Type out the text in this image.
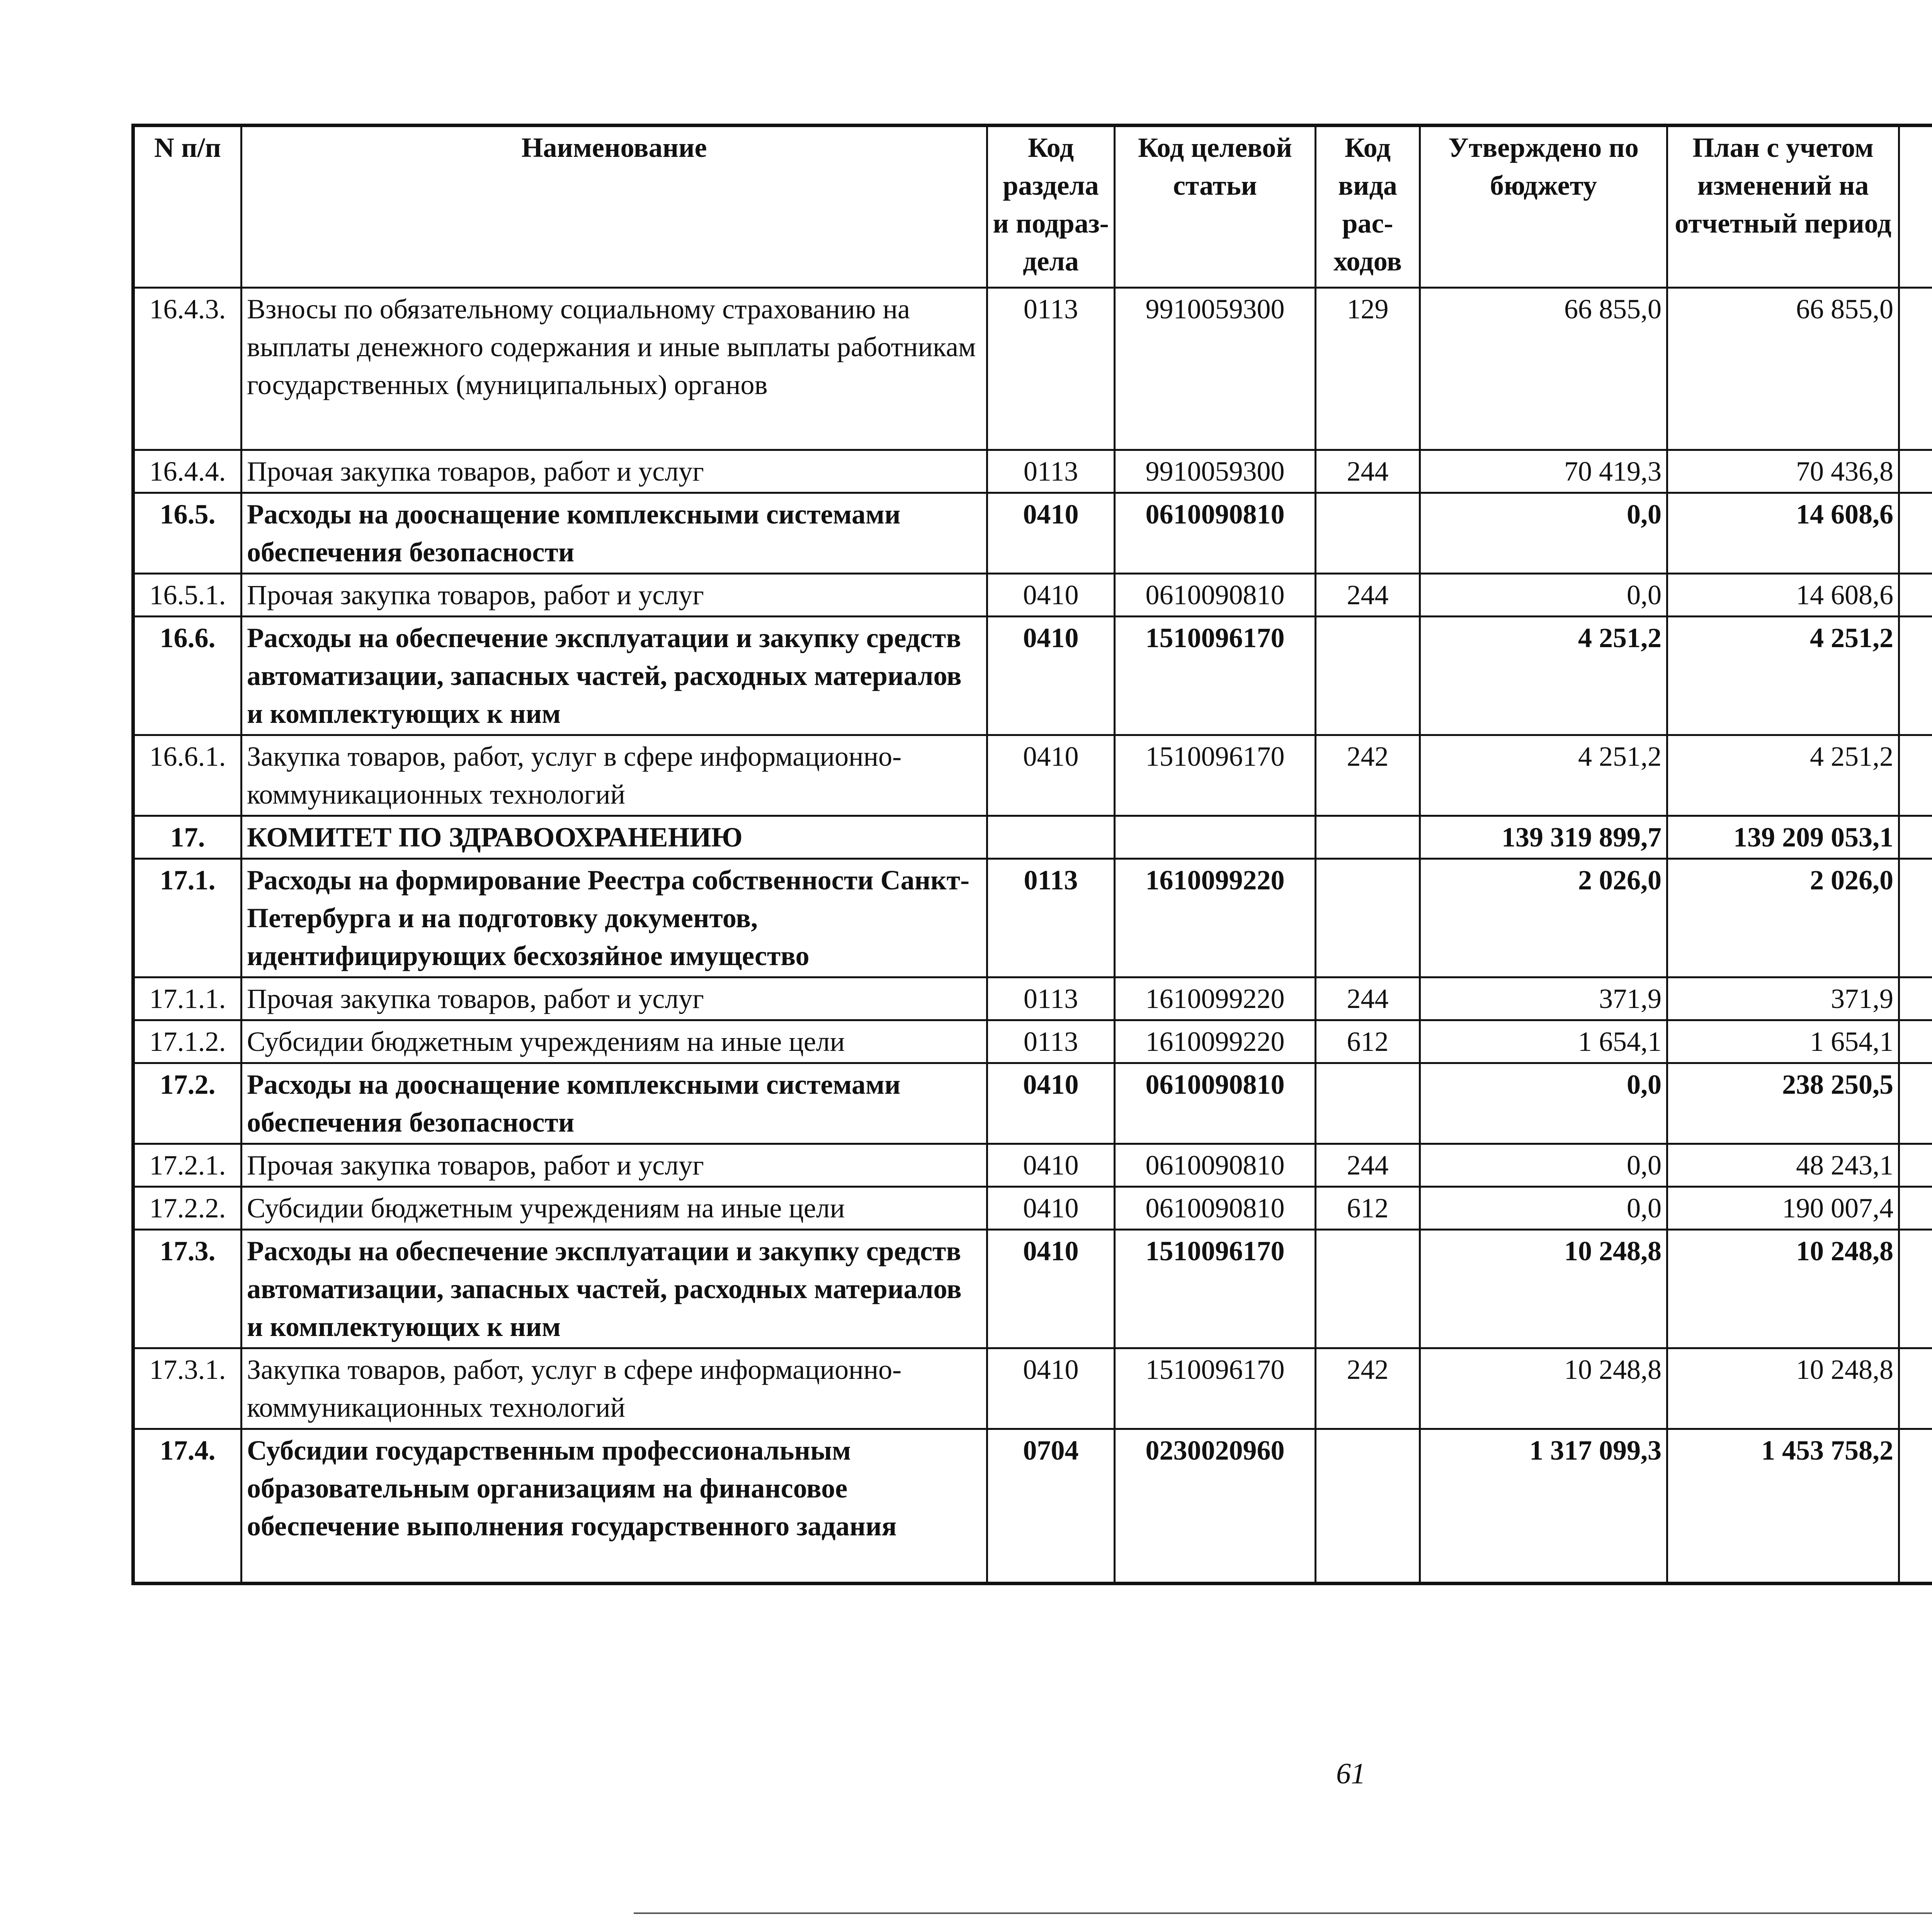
N п/п	Наименование	Код раздела и подраз-дела	Код целевой статьи	Код вида рас-ходов	Утверждено по бюджету	План с учетом изменений на отчетный период		

16.4.3.	Взносы по обязательному социальному страхованию на выплаты денежного содержания и иные выплаты работникам государственных (муниципальных) органов	0113	9910059300	129	66 855,0	66 855,0			
16.4.4.	Прочая закупка товаров, работ и услуг	0113	9910059300	244	70 419,3	70 436,8			
16.5.	Расходы на дооснащение комплексными системами обеспечения безопасности	0410	0610090810		0,0	14 608,6			
16.5.1.	Прочая закупка товаров, работ и услуг	0410	0610090810	244	0,0	14 608,6			
16.6.	Расходы на обеспечение эксплуатации и закупку средств автоматизации, запасных частей, расходных материалов и комплектующих к ним	0410	1510096170		4 251,2	4 251,2			
16.6.1.	Закупка товаров, работ, услуг в сфере информационно-коммуникационных технологий	0410	1510096170	242	4 251,2	4 251,2			
17.	КОМИТЕТ ПО ЗДРАВООХРАНЕНИЮ				139 319 899,7	139 209 053,1			
17.1.	Расходы на формирование Реестра собственности Санкт-Петербурга и на подготовку документов, идентифицирующих бесхозяйное имущество	0113	1610099220		2 026,0	2 026,0			
17.1.1.	Прочая закупка товаров, работ и услуг	0113	1610099220	244	371,9	371,9			
17.1.2.	Субсидии бюджетным учреждениям на иные цели	0113	1610099220	612	1 654,1	1 654,1			
17.2.	Расходы на дооснащение комплексными системами обеспечения безопасности	0410	0610090810		0,0	238 250,5			
17.2.1.	Прочая закупка товаров, работ и услуг	0410	0610090810	244	0,0	48 243,1			
17.2.2.	Субсидии бюджетным учреждениям на иные цели	0410	0610090810	612	0,0	190 007,4			
17.3.	Расходы на обеспечение эксплуатации и закупку средств автоматизации, запасных частей, расходных материалов и комплектующих к ним	0410	1510096170		10 248,8	10 248,8			
17.3.1.	Закупка товаров, работ, услуг в сфере информационно-коммуникационных технологий	0410	1510096170	242	10 248,8	10 248,8			
17.4.	Субсидии государственным профессиональным образовательным организациям на финансовое обеспечение выполнения государственного задания	0704	0230020960		1 317 099,3	1 453 758,2			
61
